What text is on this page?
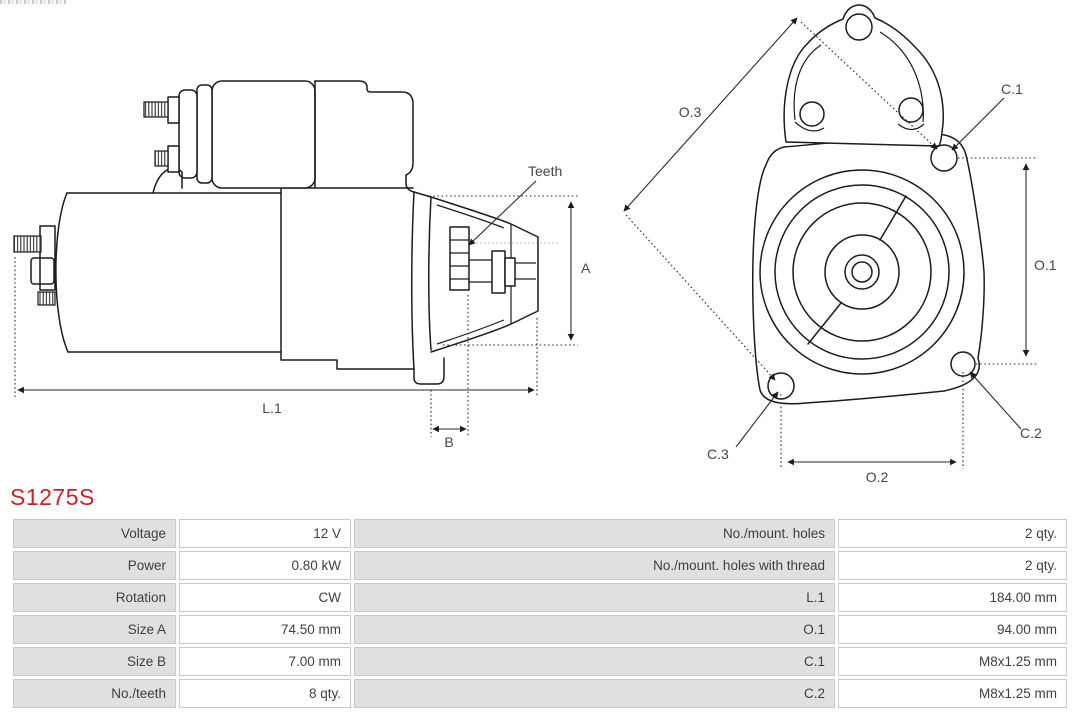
A
Teeth
L.1
B
O.3
C.1
O.1
C.2
C.3
O.2
S1275S
Voltage	12 V	No./mount. holes	2 qty.
Power	0.80 kW	No./mount. holes with thread	2 qty.
Rotation	CW	L.1	184.00 mm
Size A	74.50 mm	O.1	94.00 mm
Size B	7.00 mm	C.1	M8x1.25 mm
No./teeth	8 qty.	C.2	M8x1.25 mm
